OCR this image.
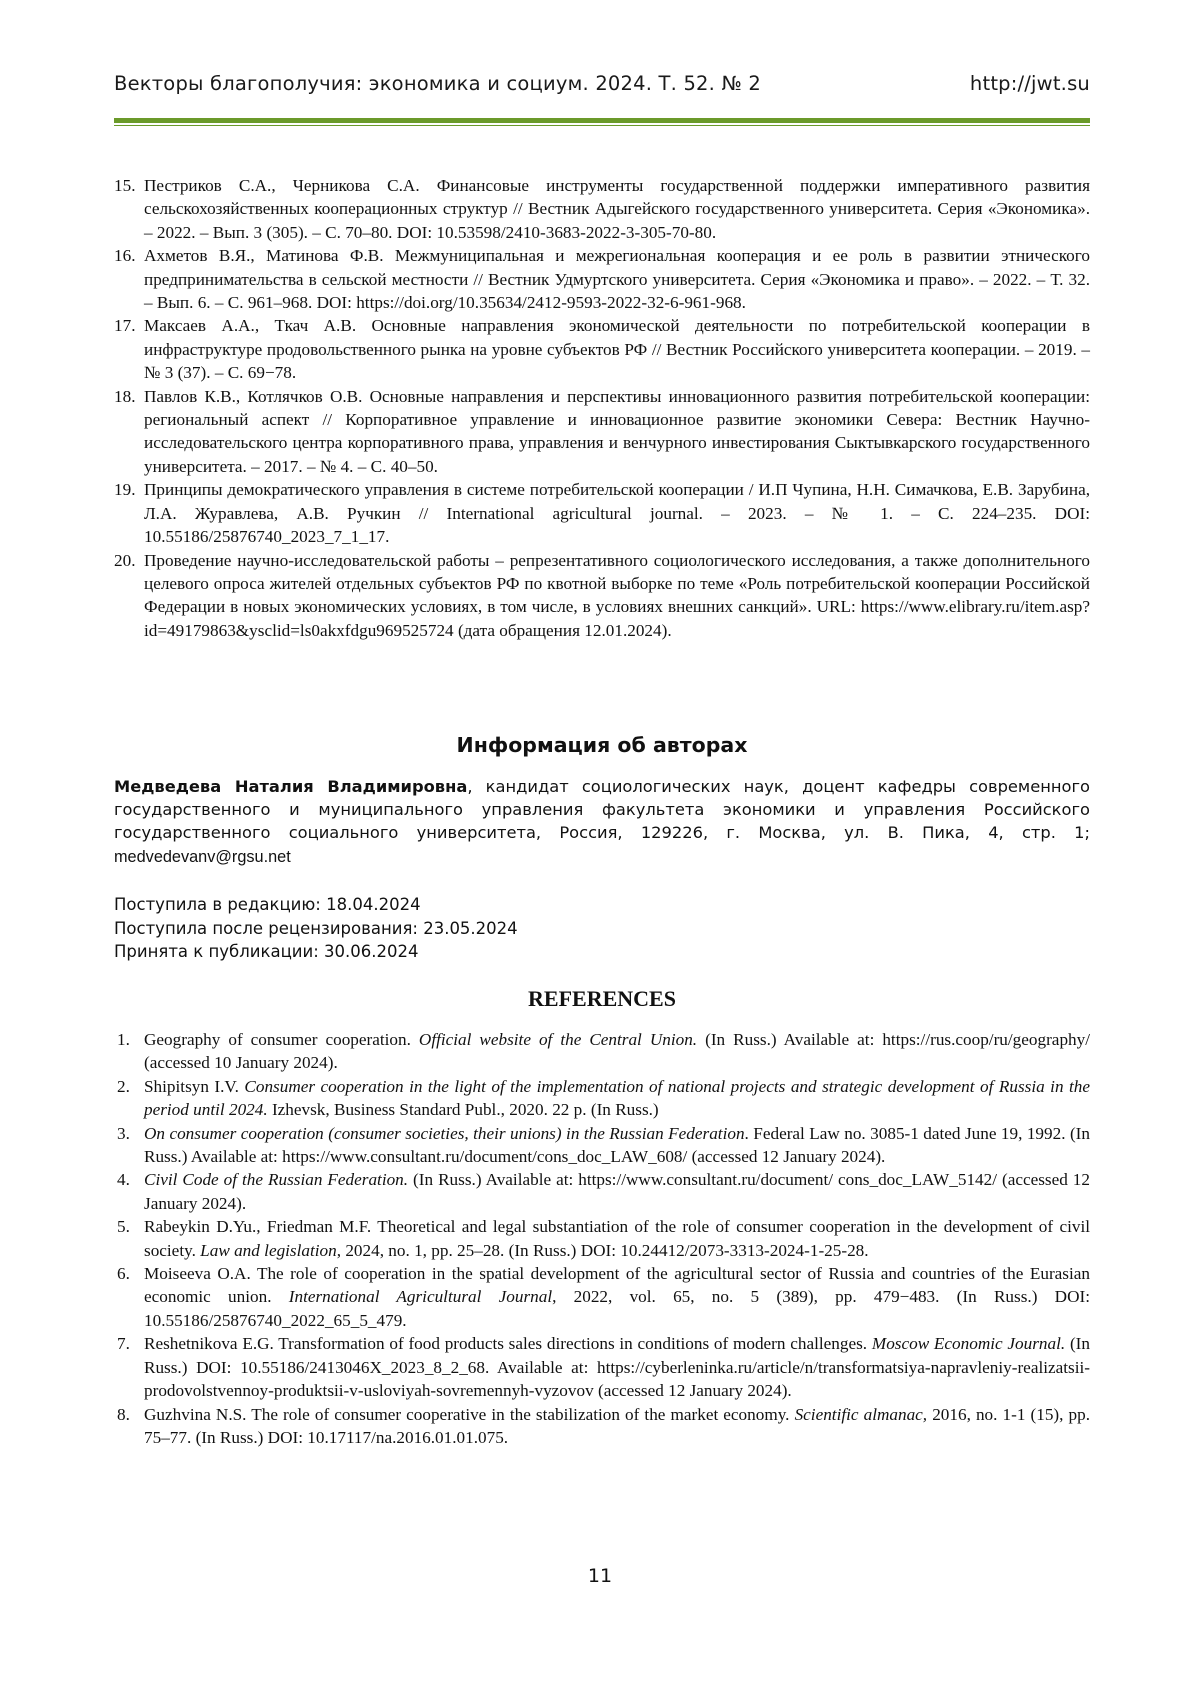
Векторы благополучия: экономика и социум. 2024. Т. 52. № 2	http://jwt.su
15. Пестриков С.А., Черникова С.А. Финансовые инструменты государственной поддержки императивного развития сельскохозяйственных кооперационных структур // Вестник Адыгейского государственного университета. Серия «Экономика». – 2022. – Вып. 3 (305). – С. 70–80. DOI: 10.53598/2410-3683-2022-3-305-70-80.
16. Ахметов В.Я., Матинова Ф.В. Межмуниципальная и межрегиональная кооперация и ее роль в развитии этнического предпринимательства в сельской местности // Вестник Удмуртского университета. Серия «Экономика и право». – 2022. – Т. 32. – Вып. 6. – С. 961–968. DOI: https://doi.org/10.35634/2412-9593-2022-32-6-961-968.
17. Максаев А.А., Ткач А.В. Основные направления экономической деятельности по потребительской кооперации в инфраструктуре продовольственного рынка на уровне субъектов РФ // Вестник Российского университета кооперации. – 2019. – № 3 (37). – С. 69−78.
18. Павлов К.В., Котлячков О.В. Основные направления и перспективы инновационного развития потребительской кооперации: региональный аспект // Корпоративное управление и инновационное развитие экономики Севера: Вестник Научно-исследовательского центра корпоративного права, управления и венчурного инвестирования Сыктывкарского государственного университета. – 2017. – № 4. – С. 40–50.
19. Принципы демократического управления в системе потребительской кооперации / И.П Чупина, Н.Н. Симачкова, Е.В. Зарубина, Л.А. Журавлева, А.В. Ручкин // International agricultural journal. – 2023. – № 1. – С. 224–235. DOI: 10.55186/25876740_2023_7_1_17.
20. Проведение научно-исследовательской работы – репрезентативного социологического исследования, а также дополнительного целевого опроса жителей отдельных субъектов РФ по квотной выборке по теме «Роль потребительской кооперации Российской Федерации в новых экономических условиях, в том числе, в условиях внешних санкций». URL: https://www.elibrary.ru/item.asp?id=49179863&ysclid=ls0akxfdgu969525724 (дата обращения 12.01.2024).
Информация об авторах
Медведева Наталия Владимировна, кандидат социологических наук, доцент кафедры современного государственного и муниципального управления факультета экономики и управления Российского государственного социального университета, Россия, 129226, г. Москва, ул. В. Пика, 4, стр. 1; medvedevanv@rgsu.net
Поступила в редакцию: 18.04.2024
Поступила после рецензирования: 23.05.2024
Принята к публикации: 30.06.2024
REFERENCES
1. Geography of consumer cooperation. Official website of the Central Union. (In Russ.) Available at: https://rus.coop/ru/geography/ (accessed 10 January 2024).
2. Shipitsyn I.V. Consumer cooperation in the light of the implementation of national projects and strategic development of Russia in the period until 2024. Izhevsk, Business Standard Publ., 2020. 22 p. (In Russ.)
3. On consumer cooperation (consumer societies, their unions) in the Russian Federation. Federal Law no. 3085-1 dated June 19, 1992. (In Russ.) Available at: https://www.consultant.ru/document/cons_doc_LAW_608/ (accessed 12 January 2024).
4. Civil Code of the Russian Federation. (In Russ.) Available at: https://www.consultant.ru/document/ cons_doc_LAW_5142/ (accessed 12 January 2024).
5. Rabeykin D.Yu., Friedman M.F. Theoretical and legal substantiation of the role of consumer cooperation in the development of civil society. Law and legislation, 2024, no. 1, pp. 25–28. (In Russ.) DOI: 10.24412/2073-3313-2024-1-25-28.
6. Moiseeva O.A. The role of cooperation in the spatial development of the agricultural sector of Russia and countries of the Eurasian economic union. International Agricultural Journal, 2022, vol. 65, no. 5 (389), pp. 479−483. (In Russ.) DOI: 10.55186/25876740_2022_65_5_479.
7. Reshetnikova E.G. Transformation of food products sales directions in conditions of modern challenges. Moscow Economic Journal. (In Russ.) DOI: 10.55186/2413046X_2023_8_2_68. Available at: https://cyberleninka.ru/article/n/transformatsiya-napravleniy-realizatsii-prodovolstvennoy-produktsii-v-usloviyah-sovremennyh-vyzovov (accessed 12 January 2024).
8. Guzhvina N.S. The role of consumer cooperative in the stabilization of the market economy. Scientific almanac, 2016, no. 1-1 (15), pp. 75–77. (In Russ.) DOI: 10.17117/na.2016.01.01.075.
11
